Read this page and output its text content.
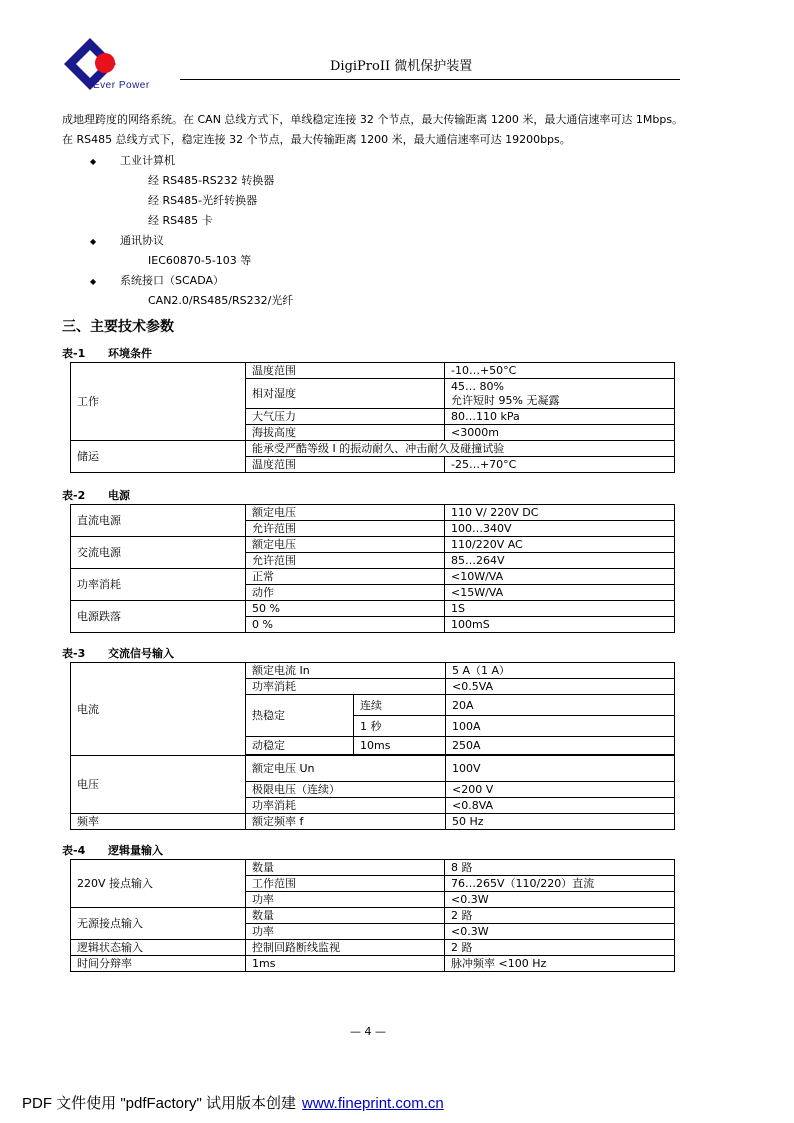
Ever Power
DigiProII 微机保护装置
成地理跨度的网络系统。在 CAN 总线方式下，单线稳定连接 32 个节点，最大传输距离 1200 米，最大通信速率可达 1Mbps。
在 RS485 总线方式下，稳定连接 32 个节点，最大传输距离 1200 米，最大通信速率可达 19200bps。
◆ 工业计算机
经 RS485-RS232 转换器
经 RS485-光纤转换器
经 RS485 卡
◆ 通讯协议
IEC60870-5-103 等
◆ 系统接口（SCADA）
CAN2.0/RS485/RS232/光纤
三、主要技术参数
表-1 环境条件
工作	温度范围	-10…+50°C
	相对湿度	45… 80%
		允许短时 95% 无凝露
	大气压力	80…110 kPa
	海拔高度	<3000m
储运	能承受严酷等级 I 的振动耐久、冲击耐久及碰撞试验	
	温度范围	-25…+70°C
表-2 电源
直流电源	额定电压	110 V/ 220V DC
	允许范围	100…340V
交流电源	额定电压	110/220V AC
	允许范围	85…264V
功率消耗	正常	<10W/VA
	动作	<15W/VA
电源跌落	50 %	1S
	0 %	100mS
表-3 交流信号输入
电流	额定电流 In		5 A（1 A）
	功率消耗		<0.5VA
	热稳定	连续	20A
		1 秒	100A
	动稳定	10ms	250A

电压	额定电压 Un		100V
	极限电压（连续）		<200 V
	功率消耗		<0.8VA
频率	额定频率 f		50 Hz
表-4 逻辑量输入
220V 接点输入	数量	8 路
	工作范围	76…265V（110/220）直流
	功率	<0.3W
无源接点输入	数量	2 路
	功率	<0.3W
逻辑状态输入	控制回路断线监视	2 路
时间分辩率	1ms	脉冲频率 <100 Hz
— 4 —
PDF 文件使用 "pdfFactory" 试用版本创建 www.fineprint.com.cn
